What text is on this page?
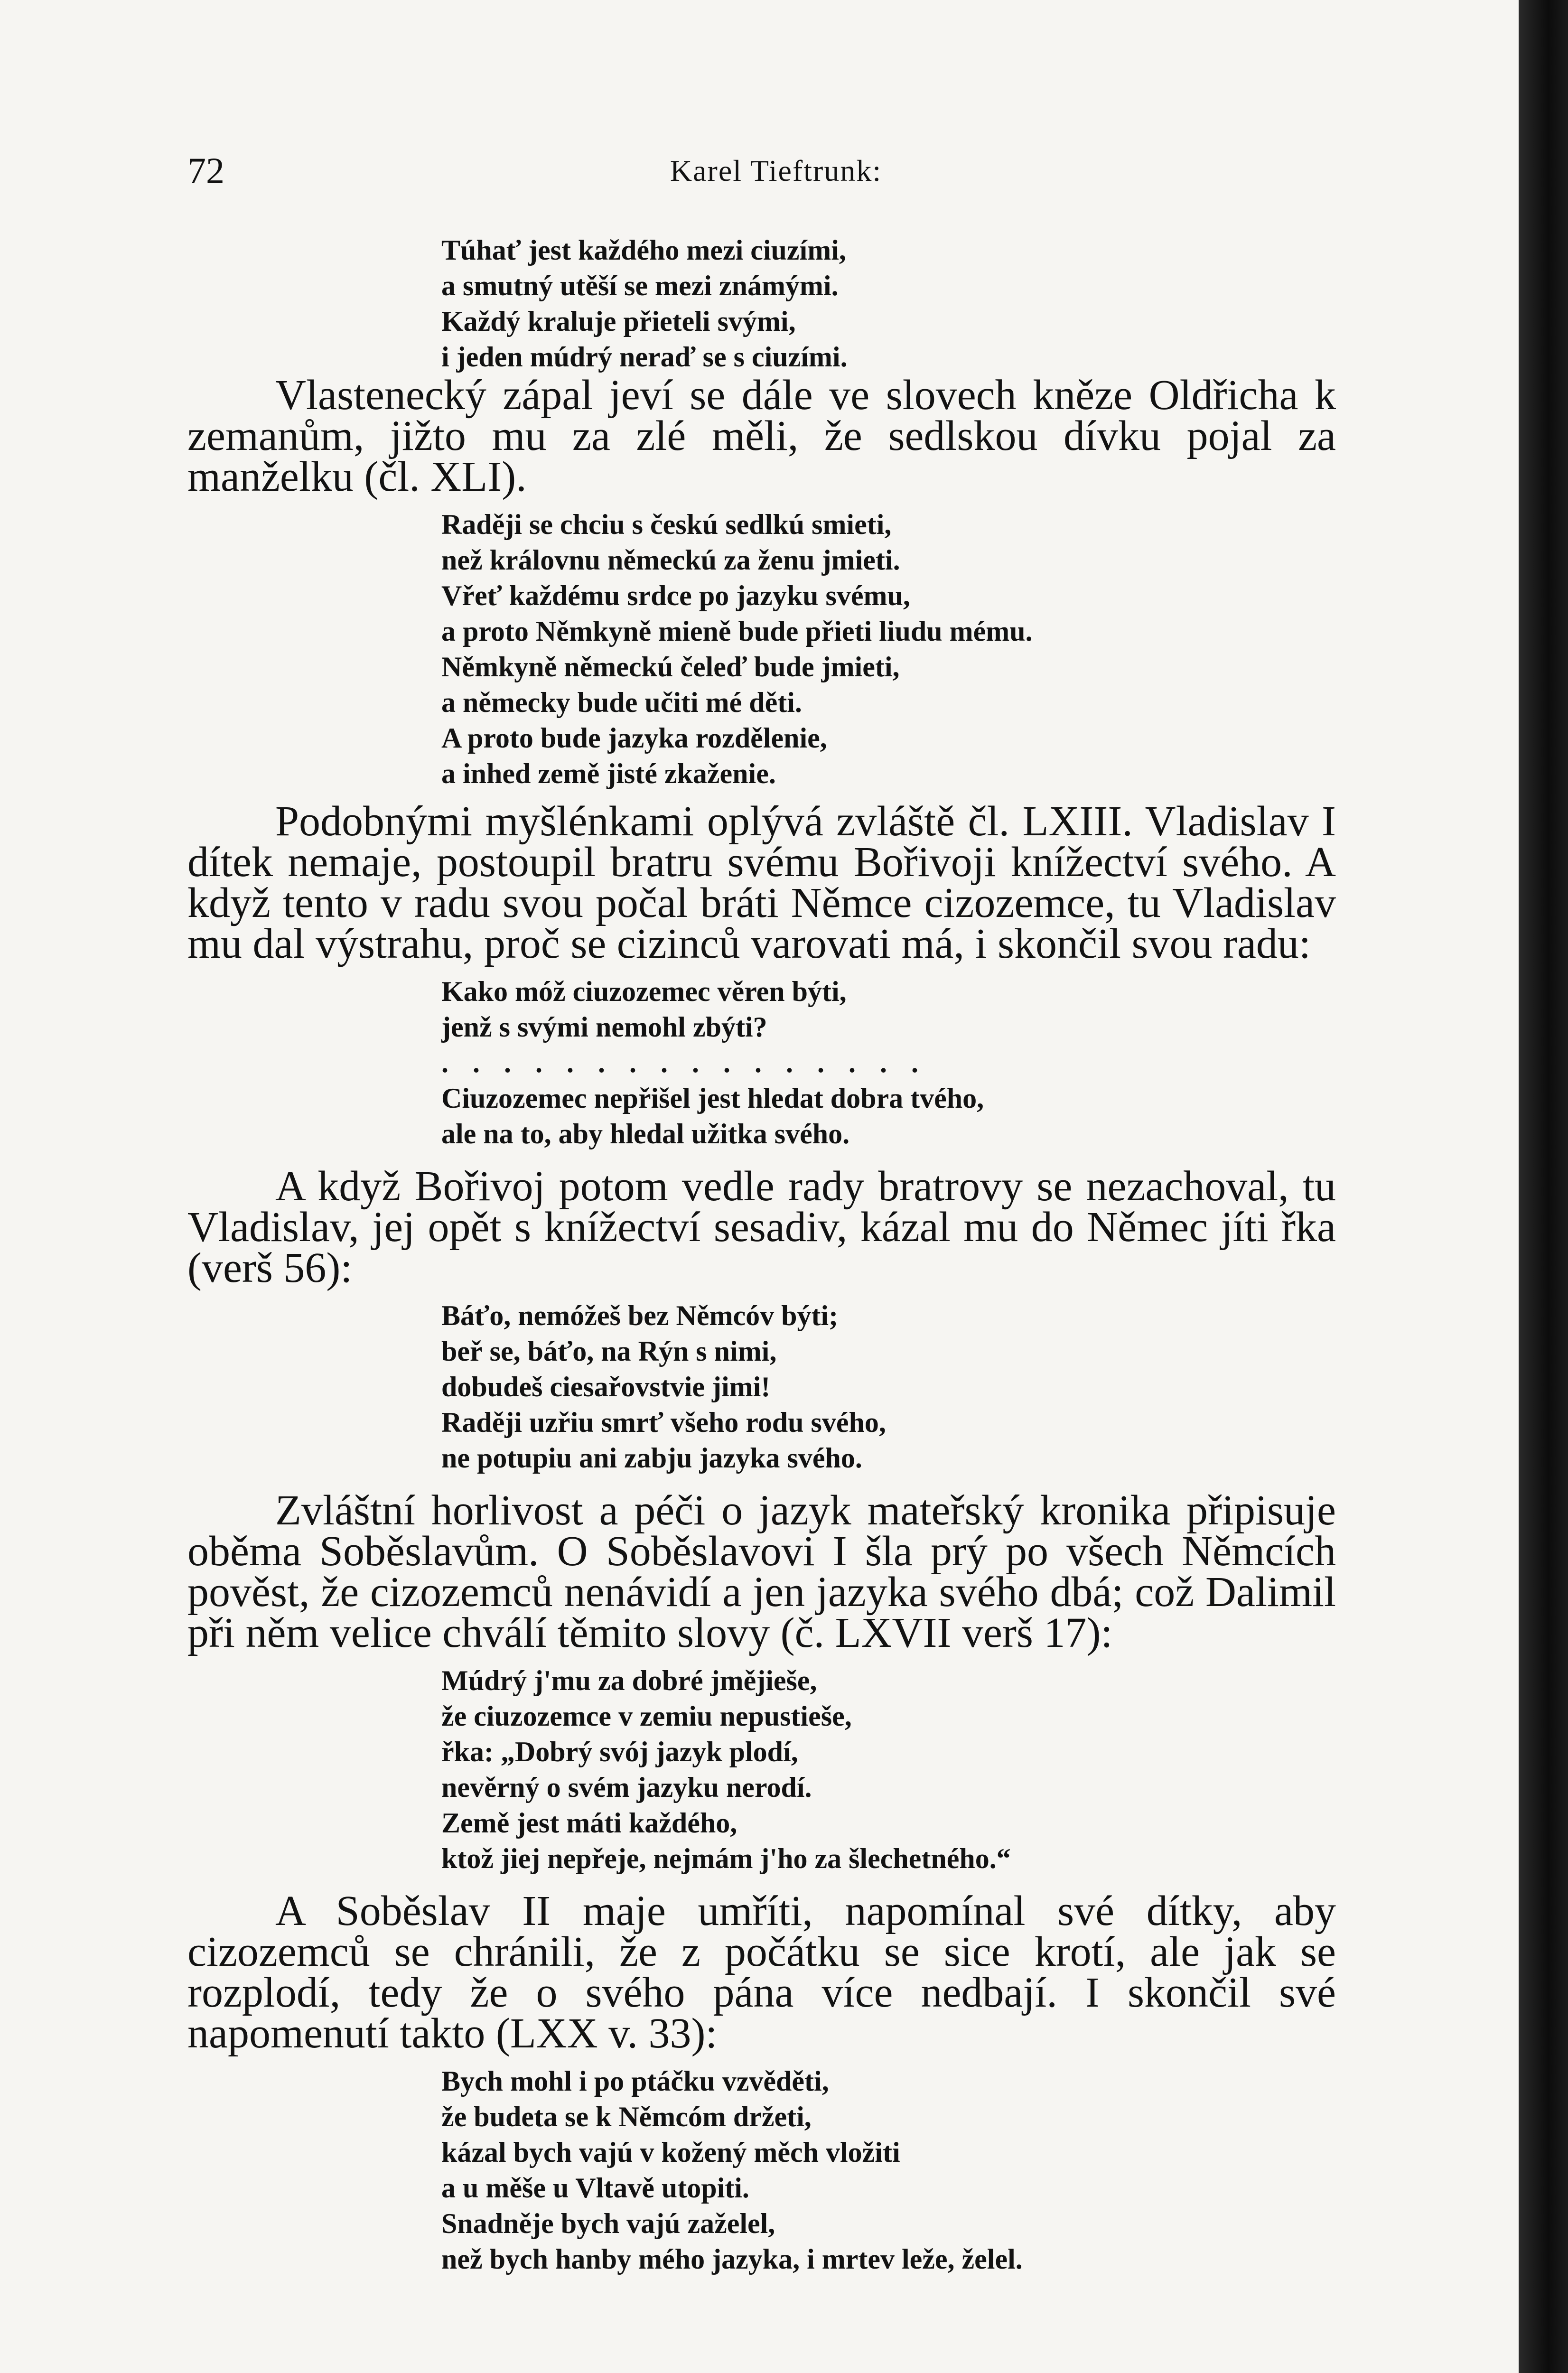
72	Karel Tieftrunk:
Túhať jest každého mezi ciuzími,
a smutný utěší se mezi známými.
Každý kraluje přieteli svými,
i jeden múdrý neraď se s ciuzími.

Vlastenecký zápal jeví se dále ve slovech kněze Oldřicha k zemanům, jižto mu za zlé měli, že sedlskou dívku pojal za manželku (čl. XLI).

Raději se chciu s českú sedlkú smieti,
než královnu německú za ženu jmieti.
Vřeť každému srdce po jazyku svému,
a proto Němkyně mieně bude přieti liudu mému.
Němkyně německú čeleď bude jmieti,
a německy bude učiti mé děti.
A proto bude jazyka rozdělenie,
a inhed země jisté zkaženie.

Podobnými myšlénkami oplývá zvláště čl. LXIII. Vladislav I dítek nemaje, postoupil bratru svému Bořivoji knížectví svého. A když tento v radu svou počal bráti Němce cizozemce, tu Vladislav mu dal výstrahu, proč se cizinců varovati má, i skončil svou radu:

Kako móž ciuzozemec věren býti,
jenž s svými nemohl zbýti?
. . . . . . . . . . . . . . . .
Ciuzozemec nepřišel jest hledat dobra tvého,
ale na to, aby hledal užitka svého.

A když Bořivoj potom vedle rady bratrovy se nezachoval, tu Vladislav, jej opět s knížectví sesadiv, kázal mu do Němec jíti řka (verš 56):

Báťo, nemóžeš bez Němcóv býti;
beř se, báťo, na Rýn s nimi,
dobudeš ciesařovstvie jimi!
Raději uzřiu smrť všeho rodu svého,
ne potupiu ani zabju jazyka svého.

Zvláštní horlivost a péči o jazyk mateřský kronika připisuje oběma Soběslavům. O Soběslavovi I šla prý po všech Němcích pověst, že cizozemců nenávidí a jen jazyka svého dbá; což Dalimil při něm velice chválí těmito slovy (č. LXVII verš 17):

Múdrý j'mu za dobré jmějieše,
že ciuzozemce v zemiu nepustieše,
řka: „Dobrý svój jazyk plodí,
nevěrný o svém jazyku nerodí.
Země jest máti každého,
ktož jiej nepřeje, nejmám j'ho za šlechetného.“

A Soběslav II maje umříti, napomínal své dítky, aby cizozemců se chránili, že z počátku se sice krotí, ale jak se rozplodí, tedy že o svého pána více nedbají. I skončil své napomenutí takto (LXX v. 33):

Bych mohl i po ptáčku vzvěděti,
že budeta se k Němcóm držeti,
kázal bych vajú v kožený měch vložiti
a u měše u Vltavě utopiti.
Snadněje bych vajú zaželel,
než bych hanby mého jazyka, i mrtev leže, želel.
